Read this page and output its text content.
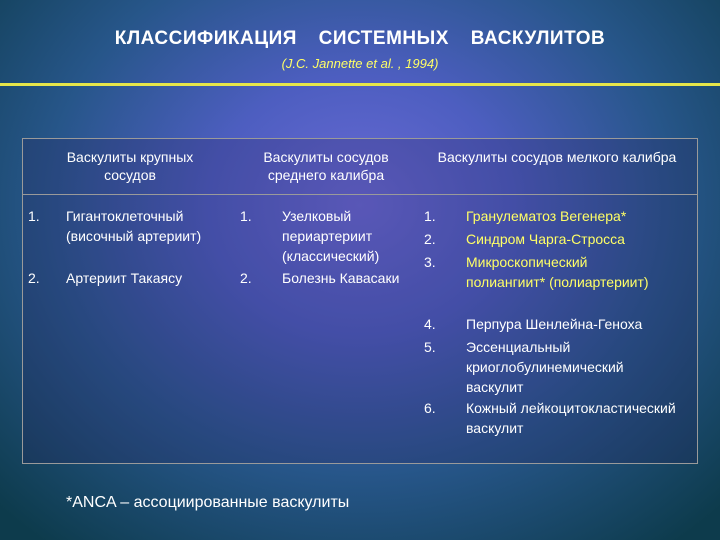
КЛАССИФИКАЦИЯ СИСТЕМНЫХ ВАСКУЛИТОВ
(J.C. Jannette et al. , 1994)
Васкулиты крупных сосудов
1. Гигантоклеточный (височный артериит)
2. Артериит Такаясу
Васкулиты сосудов среднего калибра
1. Узелковый периартериит (классический)
2. Болезнь Кавасаки
Васкулиты сосудов мелкого калибра
1. Гранулематоз Вегенера*
2. Синдром Чарга-Стросса
3. Микроскопический полиангиит* (полиартериит)
4. Перпура Шенлейна-Геноха
5. Эссенциальный криоглобулинемический васкулит
6. Кожный лейкоцитокластический васкулит
*ANCA – ассоциированные васкулиты
